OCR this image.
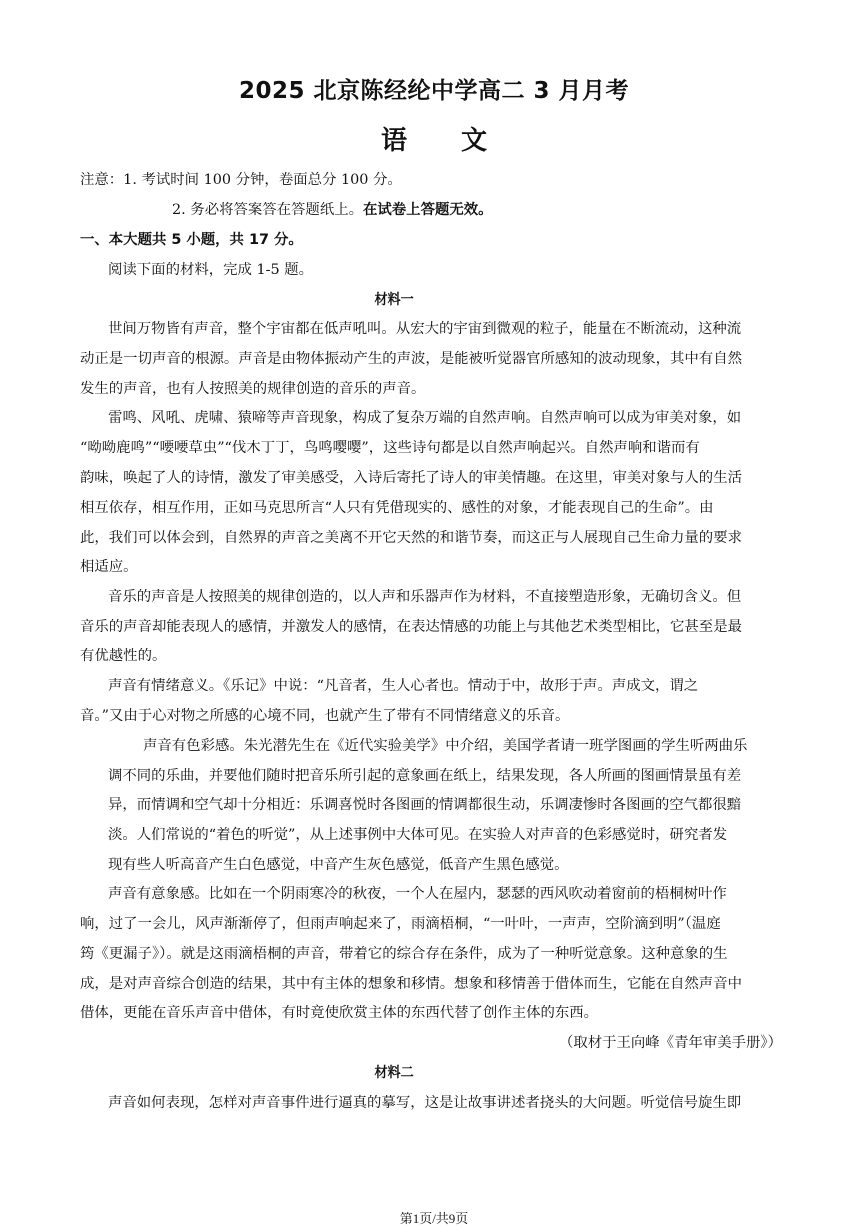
2025 北京陈经纶中学高二 3 月月考
语文
注意：1. 考试时间 100 分钟，卷面总分 100 分。
2. 务必将答案答在答题纸上。在试卷上答题无效。
一、本大题共 5 小题，共 17 分。
阅读下面的材料，完成 1-5 题。
材料一
世间万物皆有声音，整个宇宙都在低声吼叫。从宏大的宇宙到微观的粒子，能量在不断流动，这种流
动正是一切声音的根源。声音是由物体振动产生的声波，是能被听觉器官所感知的波动现象，其中有自然
发生的声音，也有人按照美的规律创造的音乐的声音。
雷鸣、风吼、虎啸、猿啼等声音现象，构成了复杂万端的自然声响。自然声响可以成为审美对象，如
“呦呦鹿鸣”“喓喓草虫”“伐木丁丁，鸟鸣嘤嘤”，这些诗句都是以自然声响起兴。自然声响和谐而有
韵味，唤起了人的诗情，激发了审美感受，入诗后寄托了诗人的审美情趣。在这里，审美对象与人的生活
相互依存，相互作用，正如马克思所言“人只有凭借现实的、感性的对象，才能表现自己的生命”。由
此，我们可以体会到，自然界的声音之美离不开它天然的和谐节奏，而这正与人展现自己生命力量的要求
相适应。
音乐的声音是人按照美的规律创造的，以人声和乐器声作为材料，不直接塑造形象，无确切含义。但
音乐的声音却能表现人的感情，并激发人的感情，在表达情感的功能上与其他艺术类型相比，它甚至是最
有优越性的。
声音有情绪意义。《乐记》中说：“凡音者，生人心者也。情动于中，故形于声。声成文，谓之
音。”又由于心对物之所感的心境不同，也就产生了带有不同情绪意义的乐音。
声音有色彩感。朱光潜先生在《近代实验美学》中介绍，美国学者请一班学图画的学生听两曲乐
调不同的乐曲，并要他们随时把音乐所引起的意象画在纸上，结果发现，各人所画的图画情景虽有差
异，而情调和空气却十分相近：乐调喜悦时各图画的情调都很生动，乐调凄惨时各图画的空气都很黯
淡。人们常说的“着色的听觉”，从上述事例中大体可见。在实验人对声音的色彩感觉时，研究者发
现有些人听高音产生白色感觉，中音产生灰色感觉，低音产生黑色感觉。
声音有意象感。比如在一个阴雨寒冷的秋夜，一个人在屋内，瑟瑟的西风吹动着窗前的梧桐树叶作
响，过了一会儿，风声渐渐停了，但雨声响起来了，雨滴梧桐，“一叶叶，一声声，空阶滴到明”（温庭
筠《更漏子》）。就是这雨滴梧桐的声音，带着它的综合存在条件，成为了一种听觉意象。这种意象的生
成，是对声音综合创造的结果，其中有主体的想象和移情。想象和移情善于借体而生，它能在自然声音中
借体，更能在音乐声音中借体，有时竟使欣赏主体的东西代替了创作主体的东西。
（取材于王向峰《青年审美手册》）
材料二
声音如何表现，怎样对声音事件进行逼真的摹写，这是让故事讲述者挠头的大问题。听觉信号旋生即
第1页/共9页
